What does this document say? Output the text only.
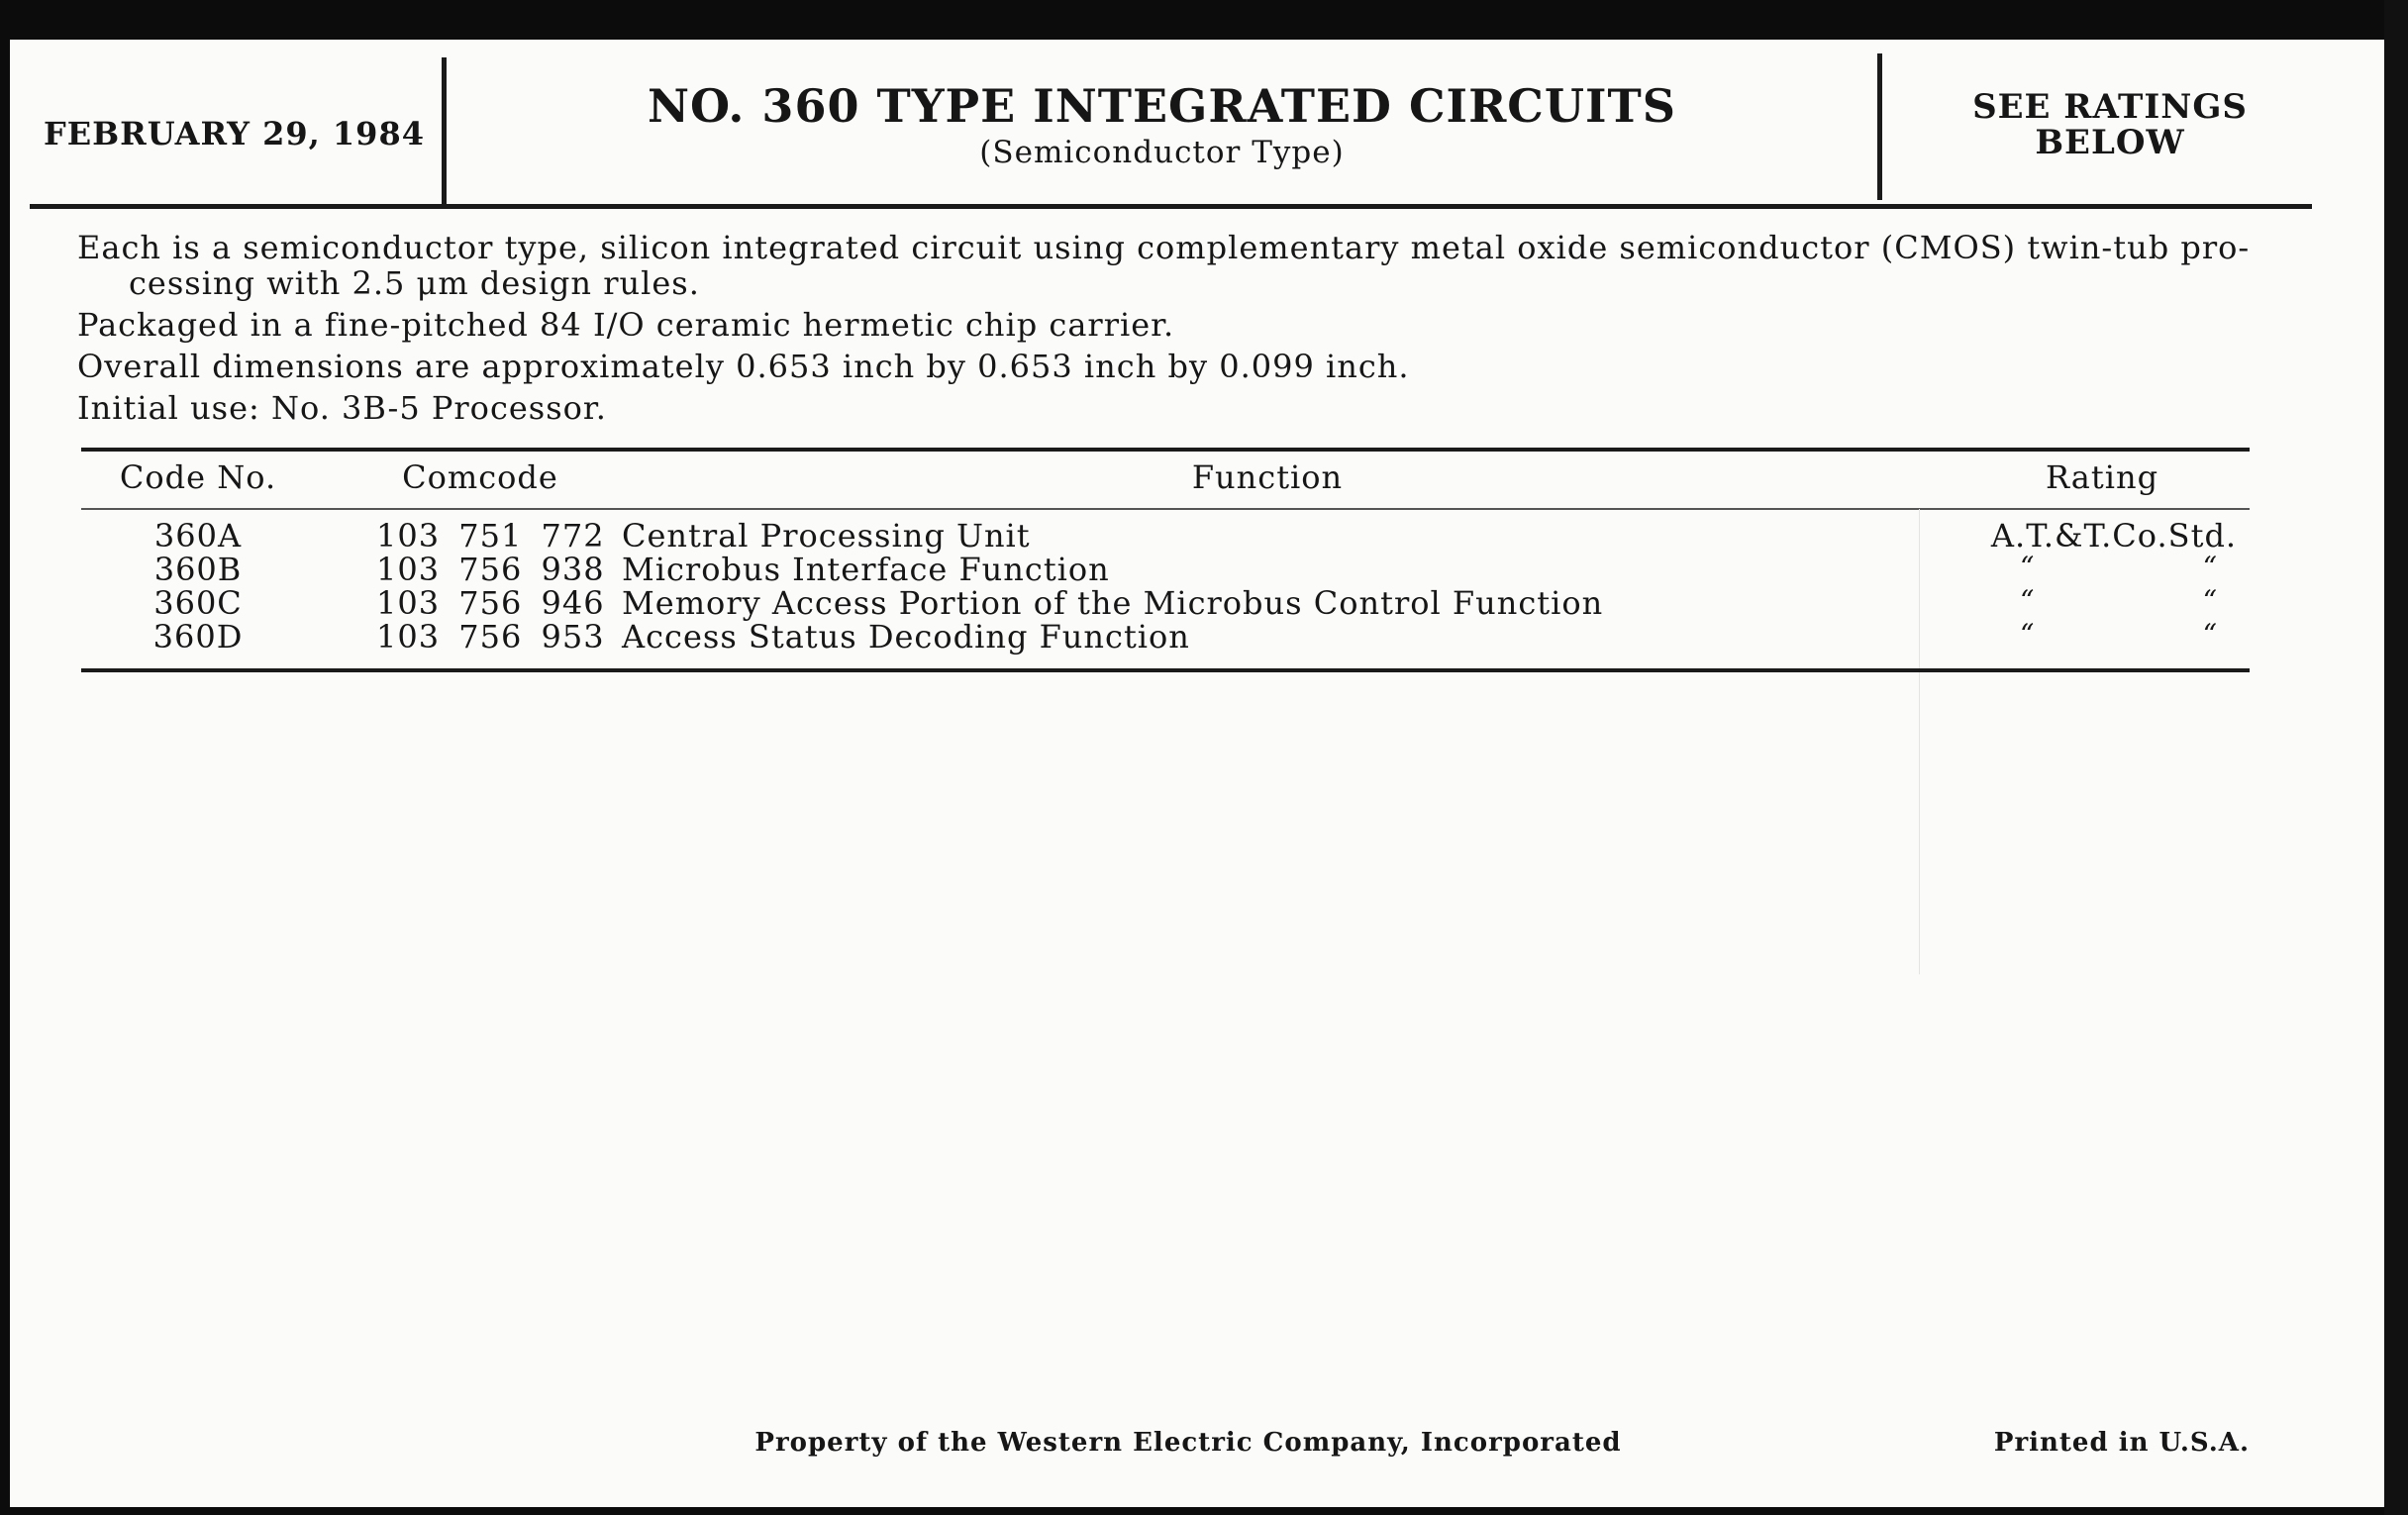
FEBRUARY 29, 1984
NO. 360 TYPE INTEGRATED CIRCUITS
(Semiconductor Type)
SEE RATINGS
BELOW
Each is a semiconductor type, silicon integrated circuit using complementary metal oxide semiconductor (CMOS) twin-tub pro-
cessing with 2.5 μm design rules.
Packaged in a fine-pitched 84 I/O ceramic hermetic chip carrier.
Overall dimensions are approximately 0.653 inch by 0.653 inch by 0.099 inch.
Initial use: No. 3B-5 Processor.
Code No.	Comcode	Function	Rating
360A	103 751 772 Central Processing Unit	A.T.&T.Co.Std.
360B	103 756 938 Microbus Interface Function	“	“
360C	103 756 946 Memory Access Portion of the Microbus Control Function	“	“
360D	103 756 953 Access Status Decoding Function	“	“
Property of the Western Electric Company, Incorporated	Printed in U.S.A.
